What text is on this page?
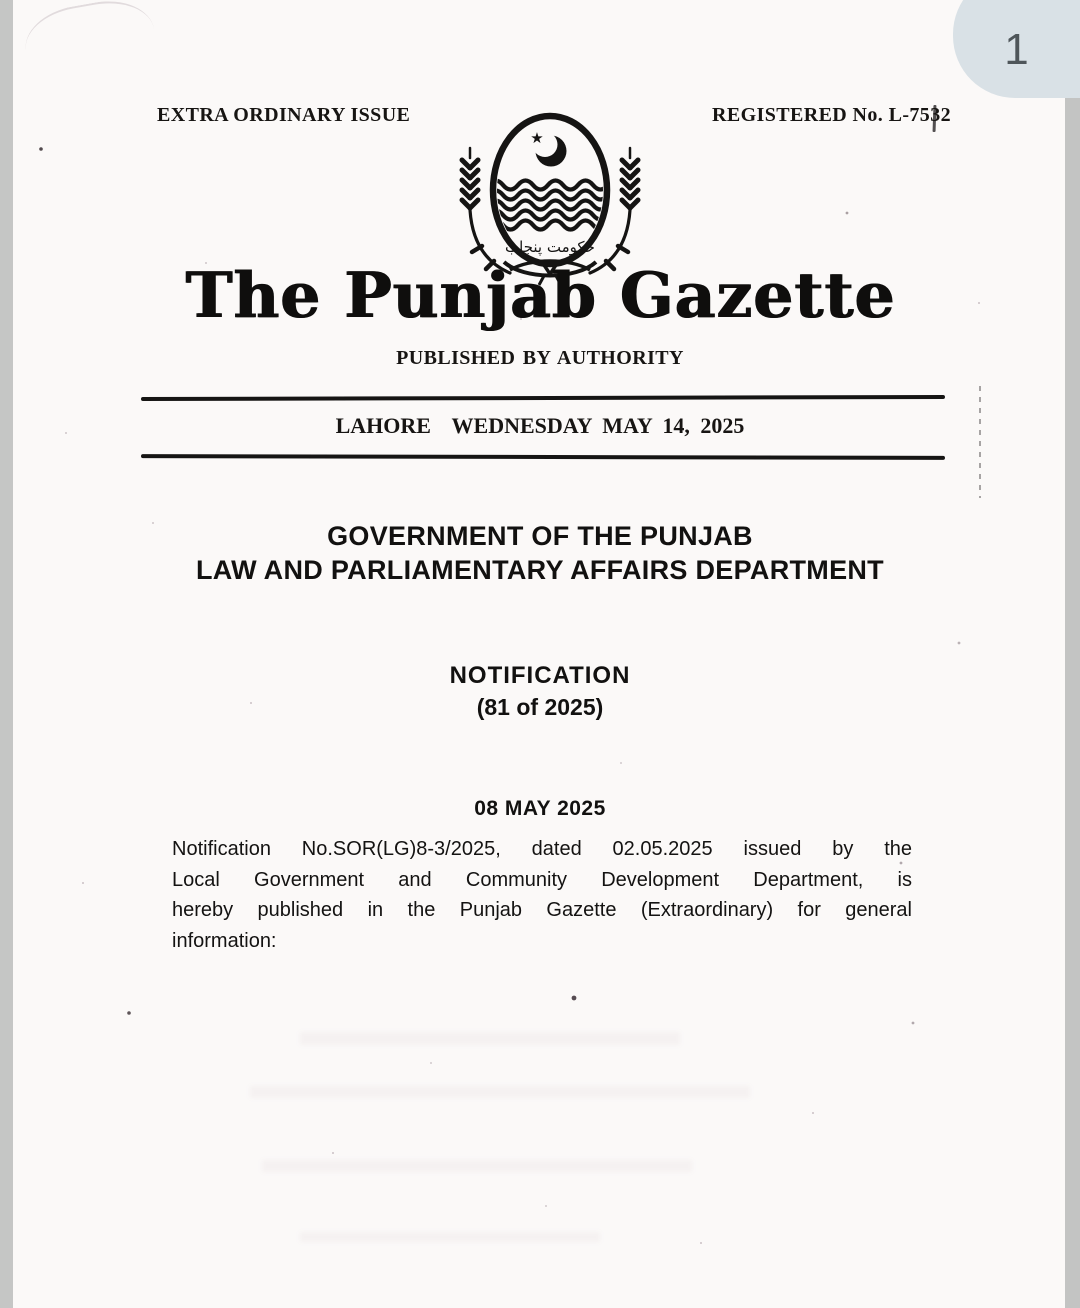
EXTRA ORDINARY ISSUE	REGISTERED No. L-7532
★
حکومت پنجاب
The Punjab Gazette
PUBLISHED BY AUTHORITY
LAHORE  WEDNESDAY MAY 14, 2025
GOVERNMENT OF THE PUNJAB
LAW AND PARLIAMENTARY AFFAIRS DEPARTMENT
NOTIFICATION
(81 of 2025)
08 MAY 2025
Notification No.SOR(LG)8-3/2025, dated 02.05.2025 issued by the
Local Government and Community Development Department, is
hereby published in the Punjab Gazette (Extraordinary) for general
information:
1
